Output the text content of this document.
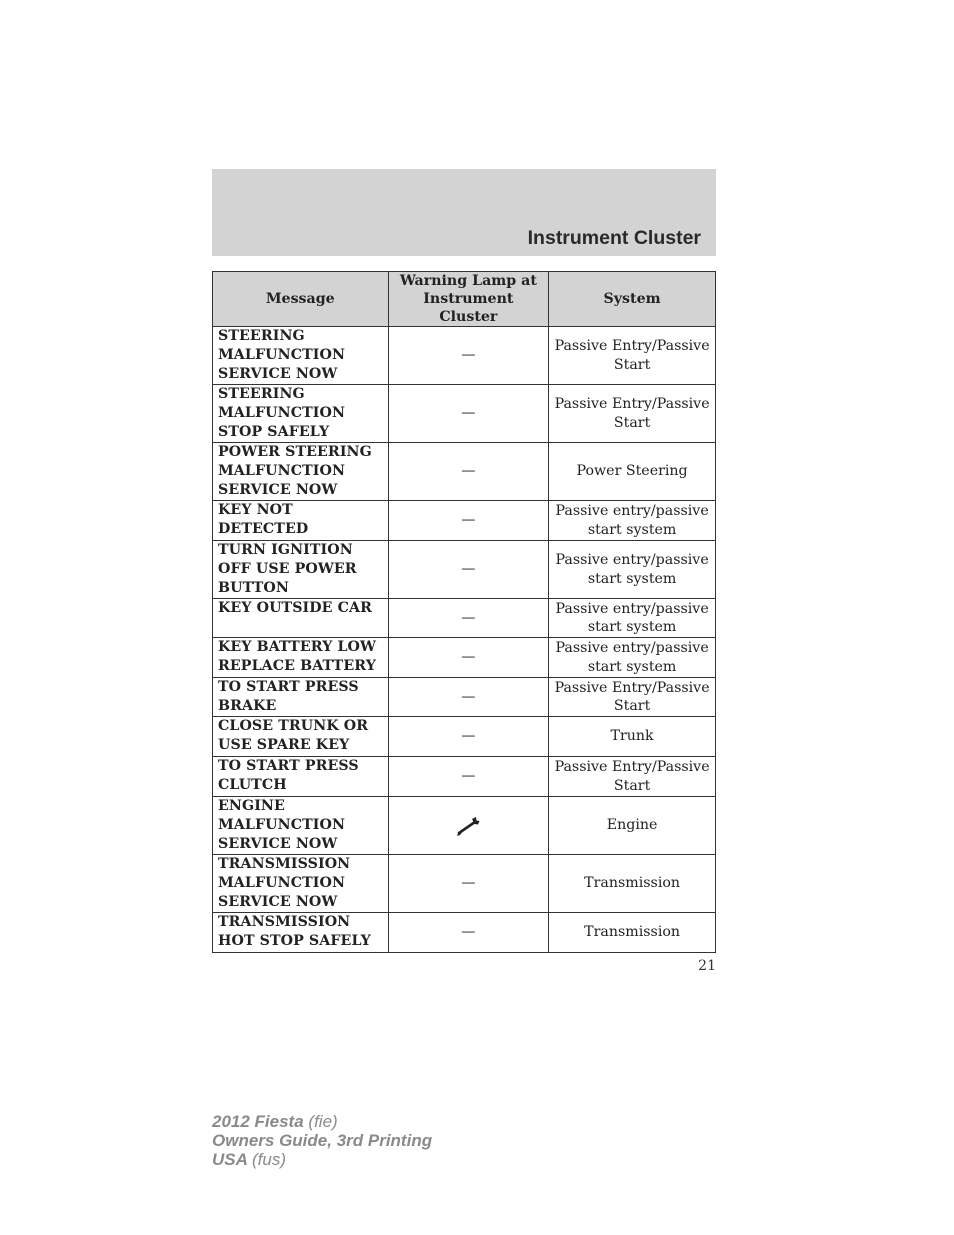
Instrument Cluster
Message	Warning Lamp at Instrument Cluster	System
STEERING MALFUNCTION SERVICE NOW	—	Passive Entry/Passive Start
STEERING MALFUNCTION STOP SAFELY	—	Passive Entry/Passive Start
POWER STEERING MALFUNCTION SERVICE NOW	—	Power Steering
KEY NOT DETECTED	—	Passive entry/passive start system
TURN IGNITION OFF USE POWER BUTTON	—	Passive entry/passive start system
KEY OUTSIDE CAR	—	Passive entry/passive start system
KEY BATTERY LOW REPLACE BATTERY	—	Passive entry/passive start system
TO START PRESS BRAKE	—	Passive Entry/Passive Start
CLOSE TRUNK OR USE SPARE KEY	—	Trunk
TO START PRESS CLUTCH	—	Passive Entry/Passive Start
ENGINE MALFUNCTION SERVICE NOW		Engine
TRANSMISSION MALFUNCTION SERVICE NOW	—	Transmission
TRANSMISSION HOT STOP SAFELY	—	Transmission
21
2012 Fiesta (fie)
Owners Guide, 3rd Printing
USA (fus)
